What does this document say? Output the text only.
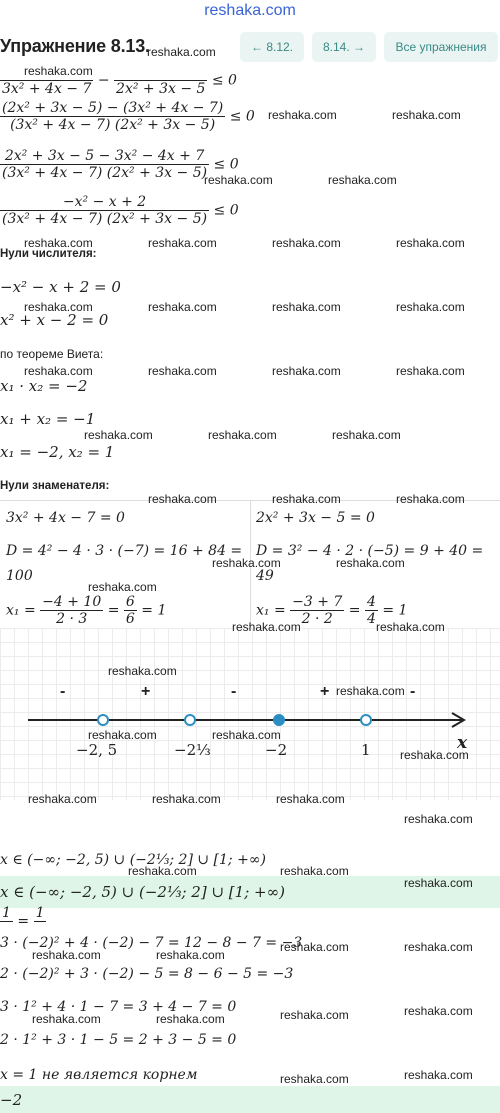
reshaka.com
Упражнение 8.13.	← 8.12.	8.14. →	Все упражнения

3x² + 4x − 7
−

2x² + 3x − 5
≤ 0
$\frac{\text{(2x² + 3x − 5) − (3x² + 4x − 7)}}{\text{(3x² + 4x − 7) (2x² + 3x − 5)}} \le 0$
$\frac{\text{2x² + 3x − 5 − 3x² − 4x + 7}}{\text{(3x² + 4x − 7) (2x² + 3x − 5)}} \le 0$
$\frac{\text{−x² − x + 2}}{\text{(3x² + 4x − 7) (2x² + 3x − 5)}} \le 0$
Нули числителя:
−x² − x + 2 = 0
x² + x − 2 = 0
по теореме Виета:
x₁ · x₂ = −2
x₁ + x₂ = −1
x₁ = −2, x₂ = 1
Нули знаменателя:
3x² + 4x − 7 = 0
D = 4² − 4 · 3 · (−7) = 16 + 84 =
100
$x_1 = \frac{-4 + 10}{2 \cdot 3} = \frac{6}{6} = 1$
2x² + 3x − 5 = 0
D = 3² − 4 · 2 · (−5) = 9 + 40 =
49
$x_1 = \frac{-3 + 7}{2 \cdot 2} = \frac{4}{4} = 1$
-	+	-	+	-
−2, 5	−2⅓	−2	1	x
x ∈ (−∞; −2, 5) ∪ (−2⅓; 2] ∪ [1; +∞)
x ∈ (−∞; −2, 5) ∪ (−2⅓; 2] ∪ [1; +∞)
1

=
1

3 · (−2)² + 4 · (−2) − 7 = 12 − 8 − 7 = −3
2 · (−2)² + 3 · (−2) − 5 = 8 − 6 − 5 = −3
3 · 1² + 4 · 1 − 7 = 3 + 4 − 7 = 0
2 · 1² + 3 · 1 − 5 = 2 + 3 − 5 = 0
x = 1 не является корнем
−2
reshaka.com
reshaka.com
reshaka.com	reshaka.com
reshaka.com	reshaka.com
reshaka.com	reshaka.com	reshaka.com	reshaka.com
reshaka.com	reshaka.com	reshaka.com	reshaka.com
reshaka.com	reshaka.com	reshaka.com	reshaka.com
reshaka.com	reshaka.com	reshaka.com
reshaka.com	reshaka.com	reshaka.com
reshaka.com	reshaka.com
reshaka.com
reshaka.com	reshaka.com
reshaka.com
reshaka.com
reshaka.com	reshaka.com
reshaka.com
reshaka.com	reshaka.com	reshaka.com
reshaka.com
reshaka.com	reshaka.com
reshaka.com
reshaka.com	reshaka.com
reshaka.com	reshaka.com
reshaka.com	reshaka.com
reshaka.com	reshaka.com
reshaka.com	reshaka.com
